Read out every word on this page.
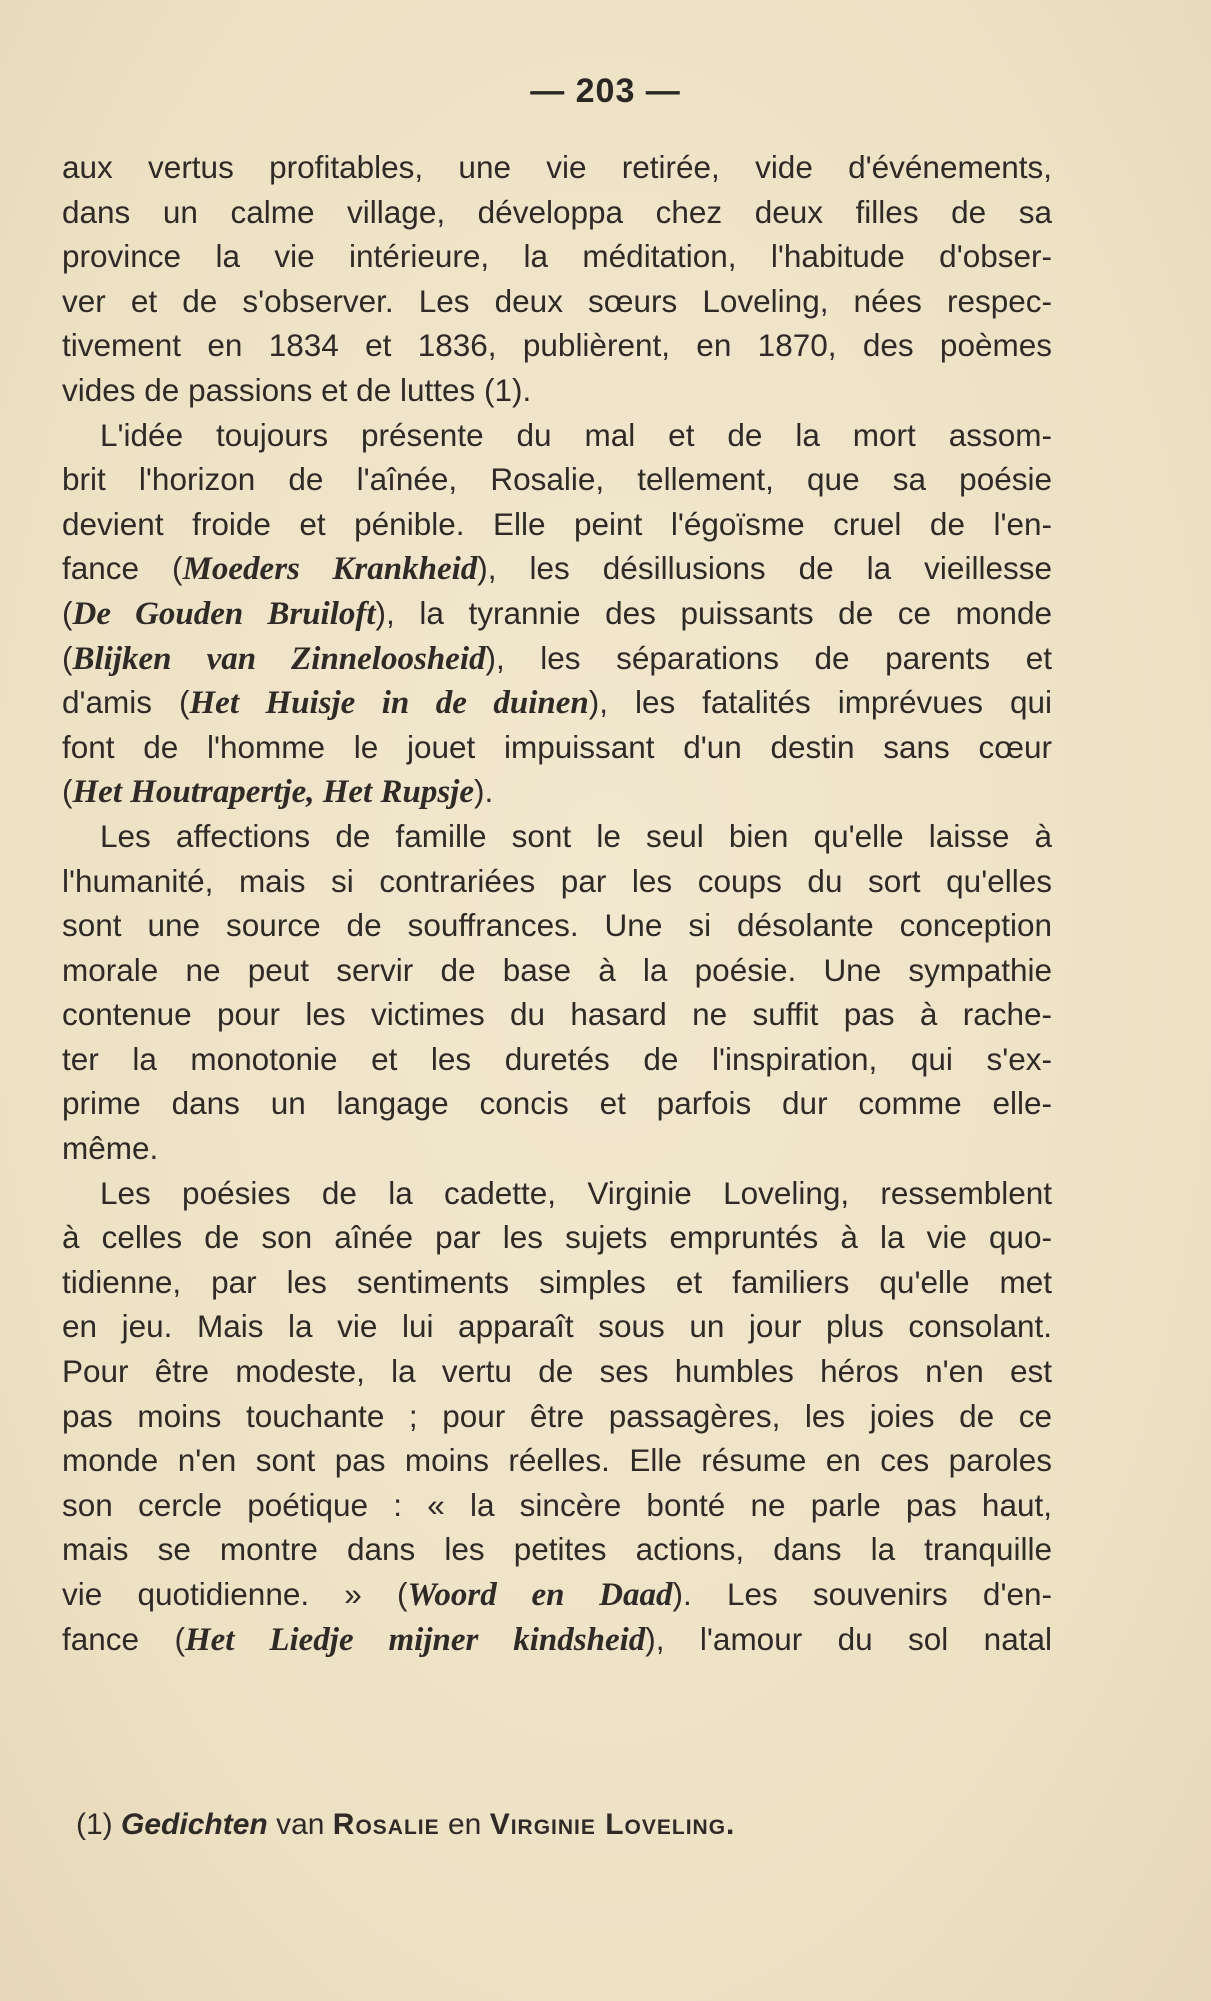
— 203 —
aux vertus profitables, une vie retirée, vide d'événements,
dans un calme village, développa chez deux filles de sa
province la vie intérieure, la méditation, l'habitude d'obser-
ver et de s'observer. Les deux sœurs Loveling, nées respec-
tivement en 1834 et 1836, publièrent, en 1870, des poèmes
vides de passions et de luttes (1).
L'idée toujours présente du mal et de la mort assom-
brit l'horizon de l'aînée, Rosalie, tellement, que sa poésie
devient froide et pénible. Elle peint l'égoïsme cruel de l'en-
fance (Moeders Krankheid), les désillusions de la vieillesse
(De Gouden Bruiloft), la tyrannie des puissants de ce monde
(Blijken van Zinneloosheid), les séparations de parents et
d'amis (Het Huisje in de duinen), les fatalités imprévues qui
font de l'homme le jouet impuissant d'un destin sans cœur
(Het Houtrapertje, Het Rupsje).
Les affections de famille sont le seul bien qu'elle laisse à
l'humanité, mais si contrariées par les coups du sort qu'elles
sont une source de souffrances. Une si désolante conception
morale ne peut servir de base à la poésie. Une sympathie
contenue pour les victimes du hasard ne suffit pas à rache-
ter la monotonie et les duretés de l'inspiration, qui s'ex-
prime dans un langage concis et parfois dur comme elle-
même.
Les poésies de la cadette, Virginie Loveling, ressemblent
à celles de son aînée par les sujets empruntés à la vie quo-
tidienne, par les sentiments simples et familiers qu'elle met
en jeu. Mais la vie lui apparaît sous un jour plus consolant.
Pour être modeste, la vertu de ses humbles héros n'en est
pas moins touchante ; pour être passagères, les joies de ce
monde n'en sont pas moins réelles. Elle résume en ces paroles
son cercle poétique : « la sincère bonté ne parle pas haut,
mais se montre dans les petites actions, dans la tranquille
vie quotidienne. » (Woord en Daad). Les souvenirs d'en-
fance (Het Liedje mijner kindsheid), l'amour du sol natal
(1) Gedichten van Rosalie en Virginie Loveling.
